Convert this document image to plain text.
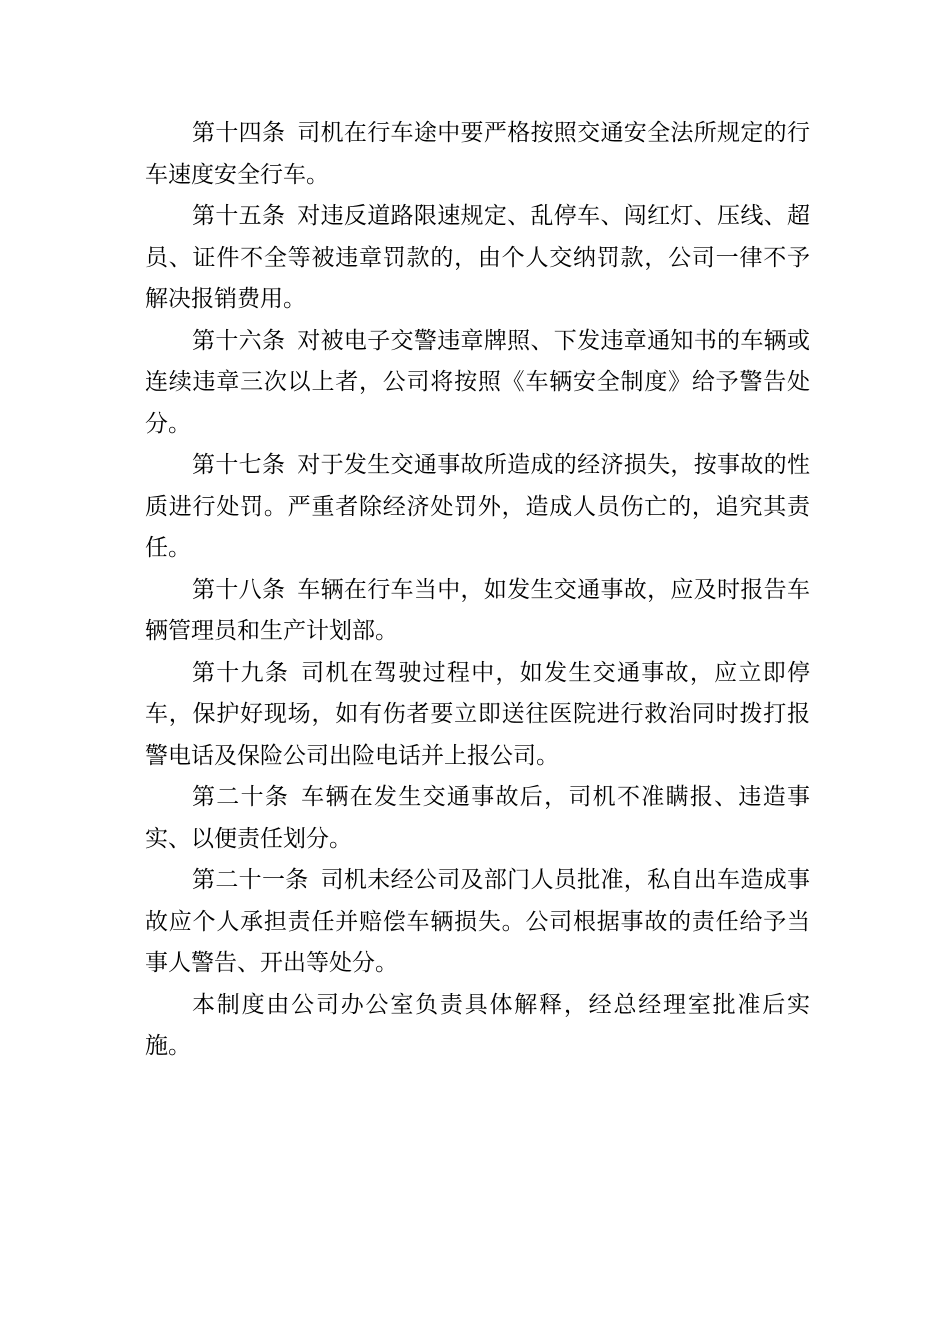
第十四条 司机在行车途中要严格按照交通安全法所规定的行车速度安全行车。

第十五条 对违反道路限速规定、乱停车、闯红灯、压线、超员、证件不全等被违章罚款的，由个人交纳罚款，公司一律不予解决报销费用。

第十六条 对被电子交警违章牌照、下发违章通知书的车辆或连续违章三次以上者，公司将按照《车辆安全制度》给予警告处分。

第十七条 对于发生交通事故所造成的经济损失，按事故的性质进行处罚。严重者除经济处罚外，造成人员伤亡的，追究其责任。

第十八条 车辆在行车当中，如发生交通事故，应及时报告车辆管理员和生产计划部。

第十九条 司机在驾驶过程中，如发生交通事故，应立即停车，保护好现场，如有伤者要立即送往医院进行救治同时拨打报警电话及保险公司出险电话并上报公司。

第二十条 车辆在发生交通事故后，司机不准瞒报、违造事实、以便责任划分。

第二十一条 司机未经公司及部门人员批准，私自出车造成事故应个人承担责任并赔偿车辆损失。公司根据事故的责任给予当事人警告、开出等处分。

本制度由公司办公室负责具体解释，经总经理室批准后实施。
